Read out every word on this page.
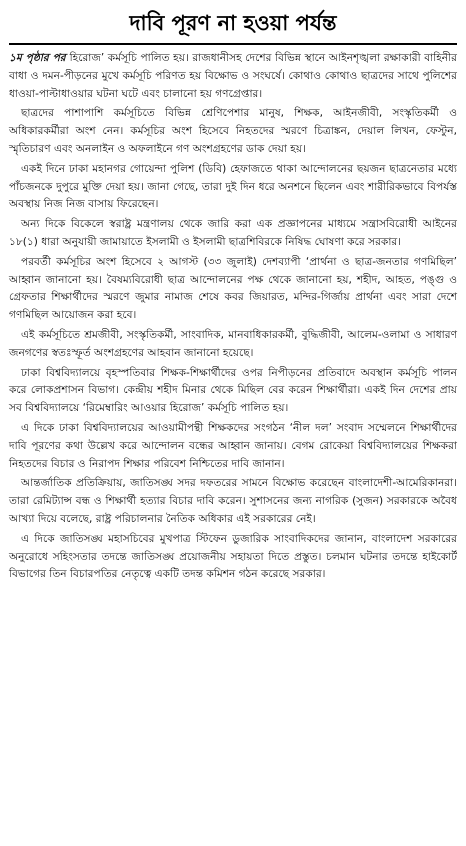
দাবি পূরণ না হওয়া পর্যন্ত

১ম পৃষ্ঠার পর হিরোজ’ কর্মসূচি পালিত হয়। রাজধানীসহ দেশের বিভিন্ন স্থানে আইনশৃঙ্খলা রক্ষাকারী বাহিনীর বাধা ও দমন-পীড়নের মুখে কর্মসূচি পরিণত হয় বিক্ষোভ ও সংঘর্ষে। কোথাও কোথাও ছাত্রদের সাথে পুলিশের ধাওয়া-পাল্টাধাওয়ার ঘটনা ঘটে এবং চালানো হয় গণগ্রেপ্তার।

ছাত্রদের পাশাপাশি কর্মসূচিতে বিভিন্ন শ্রেণিপেশার মানুষ, শিক্ষক, আইনজীবী, সংস্কৃতিকর্মী ও অধিকারকর্মীরা অংশ নেন। কর্মসূচির অংশ হিসেবে নিহতদের স্মরণে চিত্রাঙ্কন, দেয়াল লিখন, ফেস্টুন, স্মৃতিচারণ এবং অনলাইন ও অফলাইনে গণ অংশগ্রহণের ডাক দেয়া হয়।

একই দিনে ঢাকা মহানগর গোয়েন্দা পুলিশ (ডিবি) হেফাজতে থাকা আন্দোলনের ছয়জন ছাত্রনেতার মধ্যে পাঁচজনকে দুপুরে মুক্তি দেয়া হয়। জানা গেছে, তারা দুই দিন ধরে অনশনে ছিলেন এবং শারীরিকভাবে বিপর্যস্ত অবস্থায় নিজ নিজ বাসায় ফিরেছেন।

অন্য দিকে বিকেলে স্বরাষ্ট্র মন্ত্রণালয় থেকে জারি করা এক প্রজ্ঞাপনের মাধ্যমে সন্ত্রাসবিরোধী আইনের ১৮(১) ধারা অনুযায়ী জামায়াতে ইসলামী ও ইসলামী ছাত্রশিবিরকে নিষিদ্ধ ঘোষণা করে সরকার।

পরবর্তী কর্মসূচির অংশ হিসেবে ২ আগস্ট (৩৩ জুলাই) দেশব্যাপী ‘প্রার্থনা ও ছাত্র-জনতার গণমিছিল’ আহ্বান জানানো হয়। বৈষম্যবিরোধী ছাত্র আন্দোলনের পক্ষ থেকে জানানো হয়, শহীদ, আহত, পঙ্গু ও গ্রেফতার শিক্ষার্থীদের স্মরণে জুমার নামাজ শেষে কবর জিয়ারত, মন্দির-গির্জায় প্রার্থনা এবং সারা দেশে গণমিছিল আয়োজন করা হবে।

এই কর্মসূচিতে শ্রমজীবী, সংস্কৃতিকর্মী, সাংবাদিক, মানবাধিকারকর্মী, বুদ্ধিজীবী, আলেম-ওলামা ও সাধারণ জনগণের স্বতঃস্ফূর্ত অংশগ্রহণের আহবান জানানো হয়েছে।

ঢাকা বিশ্ববিদ্যালয়ে বৃহস্পতিবার শিক্ষক-শিক্ষার্থীদের ওপর নিপীড়নের প্রতিবাদে অবস্থান কর্মসূচি পালন করে লোকপ্রশাসন বিভাগ। কেন্দ্রীয় শহীদ মিনার থেকে মিছিল বের করেন শিক্ষার্থীরা। একই দিন দেশের প্রায় সব বিশ্ববিদ্যালয়ে ‘রিমেম্বারিং আওয়ার হিরোজ’ কর্মসূচি পালিত হয়।

এ দিকে ঢাকা বিশ্ববিদ্যালয়ের আওয়ামীপন্থী শিক্ষকদের সংগঠন ‘নীল দল’ সংবাদ সম্মেলনে শিক্ষার্থীদের দাবি পূরণের কথা উল্লেখ করে আন্দোলন বন্ধের আহ্বান জানায়। বেগম রোকেয়া বিশ্ববিদ্যালয়ের শিক্ষকরা নিহতদের বিচার ও নিরাপদ শিক্ষার পরিবেশ নিশ্চিতের দাবি জানান।

আন্তর্জাতিক প্রতিক্রিয়ায়, জাতিসঙ্ঘ সদর দফতরের সামনে বিক্ষোভ করেছেন বাংলাদেশী-আমেরিকানরা। তারা রেমিট্যান্স বন্ধ ও শিক্ষার্থী হত্যার বিচার দাবি করেন। সুশাসনের জন্য নাগরিক (সুজন) সরকারকে অবৈধ আখ্যা দিয়ে বলেছে, রাষ্ট্র পরিচালনার নৈতিক অধিকার এই সরকারের নেই।

এ দিকে জাতিসঙ্ঘ মহাসচিবের মুখপাত্র স্টিফেন ডুজারিক সাংবাদিকদের জানান, বাংলাদেশ সরকারের অনুরোধে সহিংসতার তদন্তে জাতিসঙ্ঘ প্রয়োজনীয় সহায়তা দিতে প্রস্তুত। চলমান ঘটনার তদন্তে হাইকোর্ট বিভাগের তিন বিচারপতির নেতৃত্বে একটি তদন্ত কমিশন গঠন করেছে সরকার।
